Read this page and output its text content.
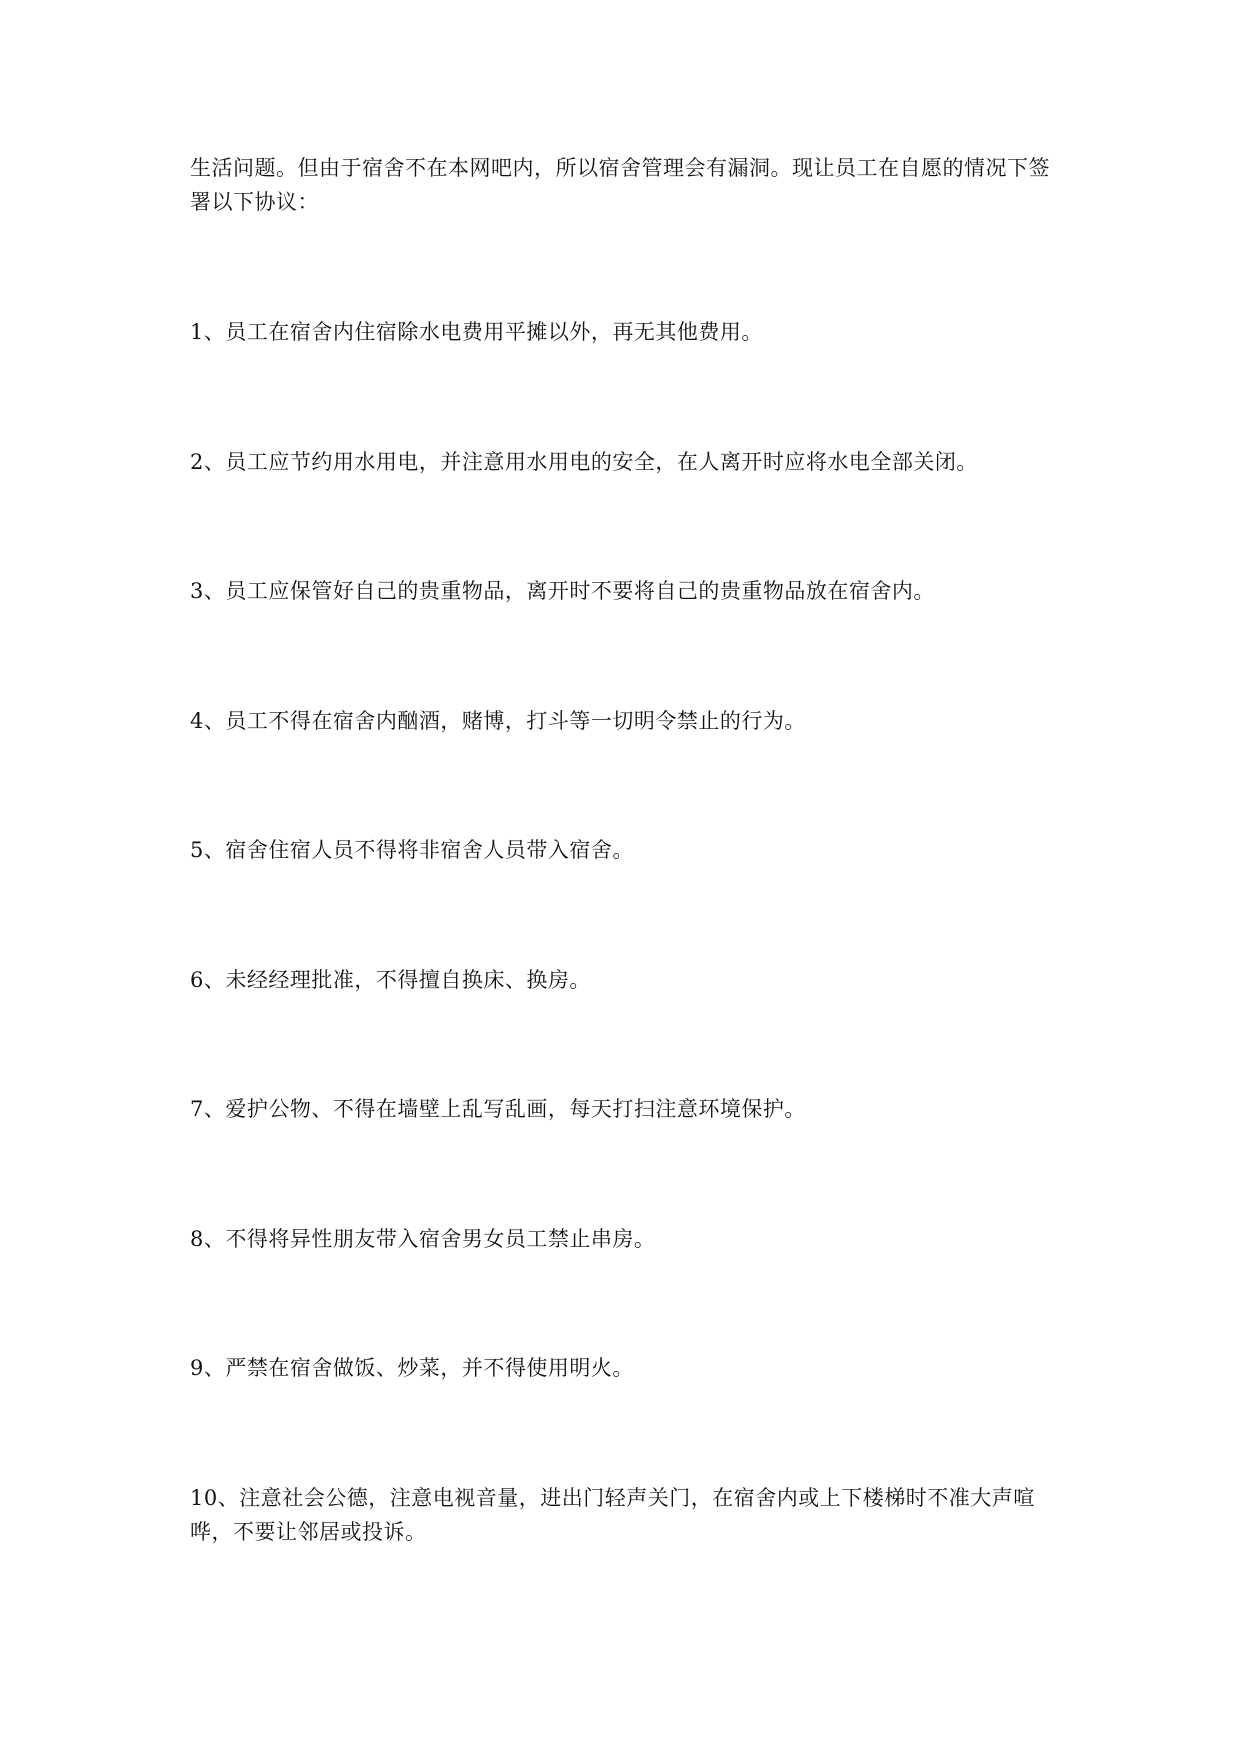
生活问题。但由于宿舍不在本网吧内，所以宿舍管理会有漏洞。现让员工在自愿的情况下签署以下协议：

1、员工在宿舍内住宿除水电费用平摊以外，再无其他费用。

2、员工应节约用水用电，并注意用水用电的安全，在人离开时应将水电全部关闭。

3、员工应保管好自己的贵重物品，离开时不要将自己的贵重物品放在宿舍内。

4、员工不得在宿舍内酗酒，赌博，打斗等一切明令禁止的行为。

5、宿舍住宿人员不得将非宿舍人员带入宿舍。

6、未经经理批准，不得擅自换床、换房。

7、爱护公物、不得在墙壁上乱写乱画，每天打扫注意环境保护。

8、不得将异性朋友带入宿舍男女员工禁止串房。

9、严禁在宿舍做饭、炒菜，并不得使用明火。

10、注意社会公德，注意电视音量，进出门轻声关门，在宿舍内或上下楼梯时不准大声喧哗，不要让邻居或投诉。
